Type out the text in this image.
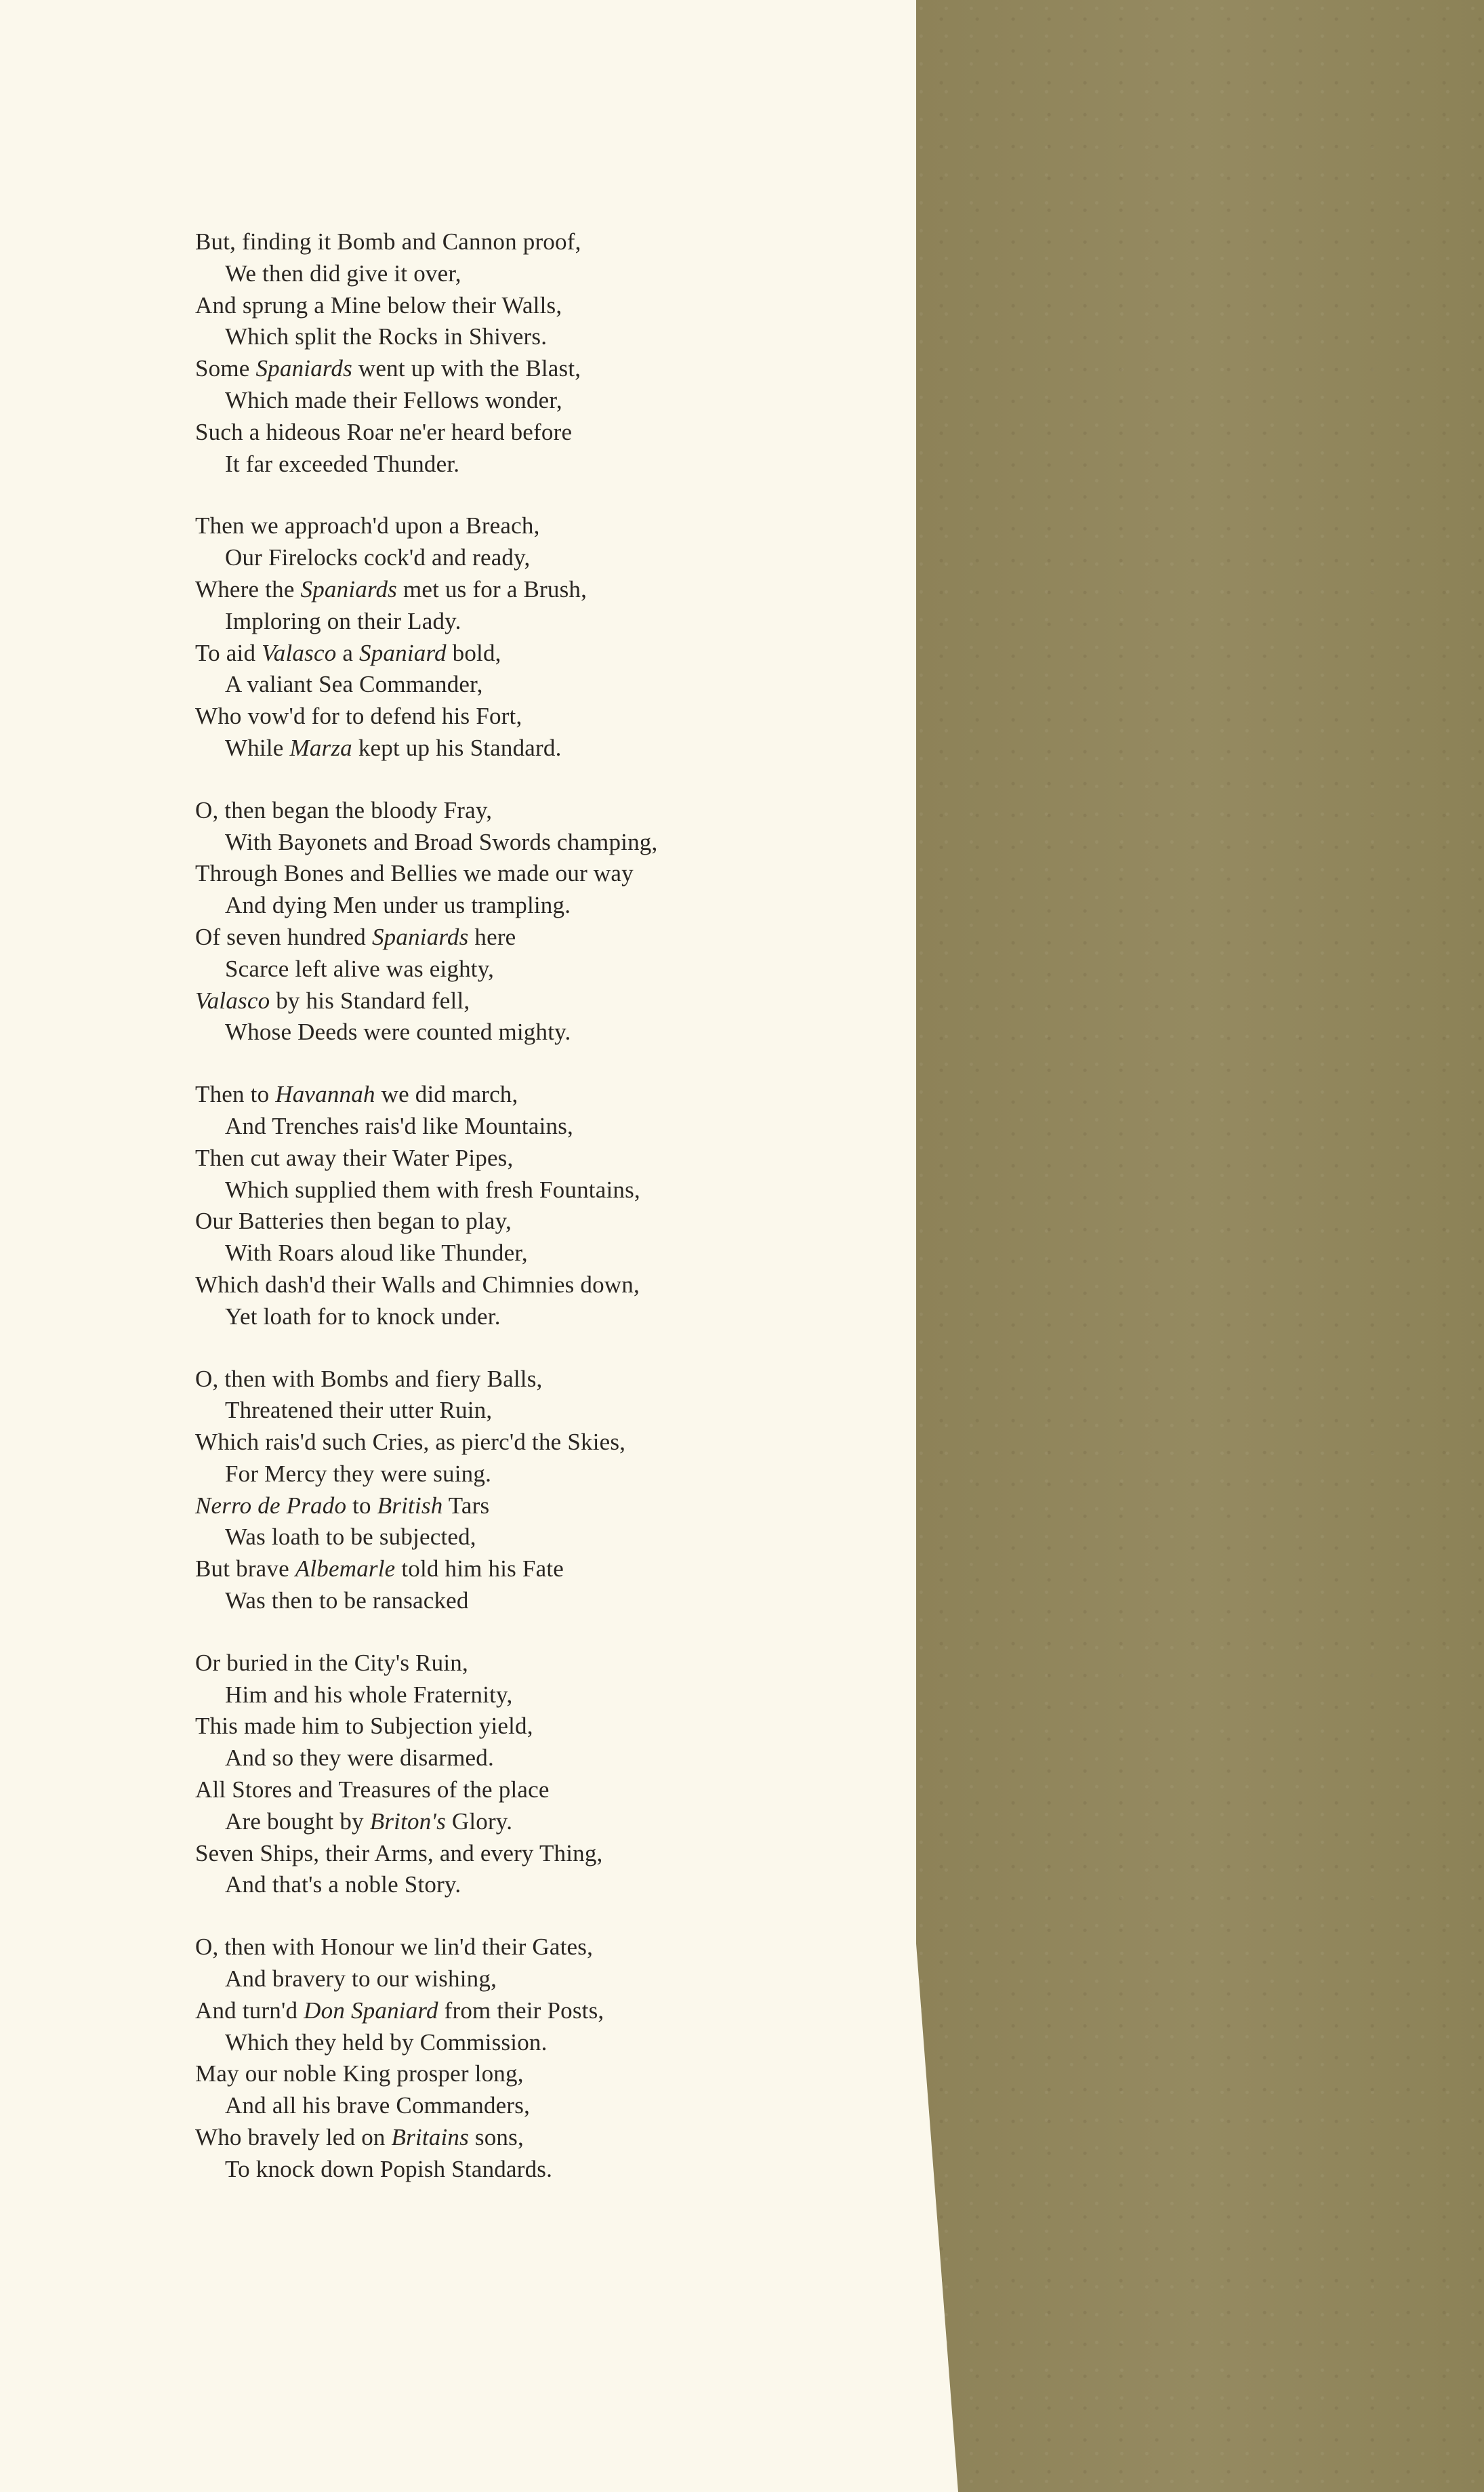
But, finding it Bomb and Cannon proof,
We then did give it over,
And sprung a Mine below their Walls,
Which split the Rocks in Shivers.
Some Spaniards went up with the Blast,
Which made their Fellows wonder,
Such a hideous Roar ne'er heard before
It far exceeded Thunder.
Then we approach'd upon a Breach,
Our Firelocks cock'd and ready,
Where the Spaniards met us for a Brush,
Imploring on their Lady.
To aid Valasco a Spaniard bold,
A valiant Sea Commander,
Who vow'd for to defend his Fort,
While Marza kept up his Standard.
O, then began the bloody Fray,
With Bayonets and Broad Swords champing,
Through Bones and Bellies we made our way
And dying Men under us trampling.
Of seven hundred Spaniards here
Scarce left alive was eighty,
Valasco by his Standard fell,
Whose Deeds were counted mighty.
Then to Havannah we did march,
And Trenches rais'd like Mountains,
Then cut away their Water Pipes,
Which supplied them with fresh Fountains,
Our Batteries then began to play,
With Roars aloud like Thunder,
Which dash'd their Walls and Chimnies down,
Yet loath for to knock under.
O, then with Bombs and fiery Balls,
Threatened their utter Ruin,
Which rais'd such Cries, as pierc'd the Skies,
For Mercy they were suing.
Nerro de Prado to British Tars
Was loath to be subjected,
But brave Albemarle told him his Fate
Was then to be ransacked
Or buried in the City's Ruin,
Him and his whole Fraternity,
This made him to Subjection yield,
And so they were disarmed.
All Stores and Treasures of the place
Are bought by Briton's Glory.
Seven Ships, their Arms, and every Thing,
And that's a noble Story.
O, then with Honour we lin'd their Gates,
And bravery to our wishing,
And turn'd Don Spaniard from their Posts,
Which they held by Commission.
May our noble King prosper long,
And all his brave Commanders,
Who bravely led on Britains sons,
To knock down Popish Standards.
